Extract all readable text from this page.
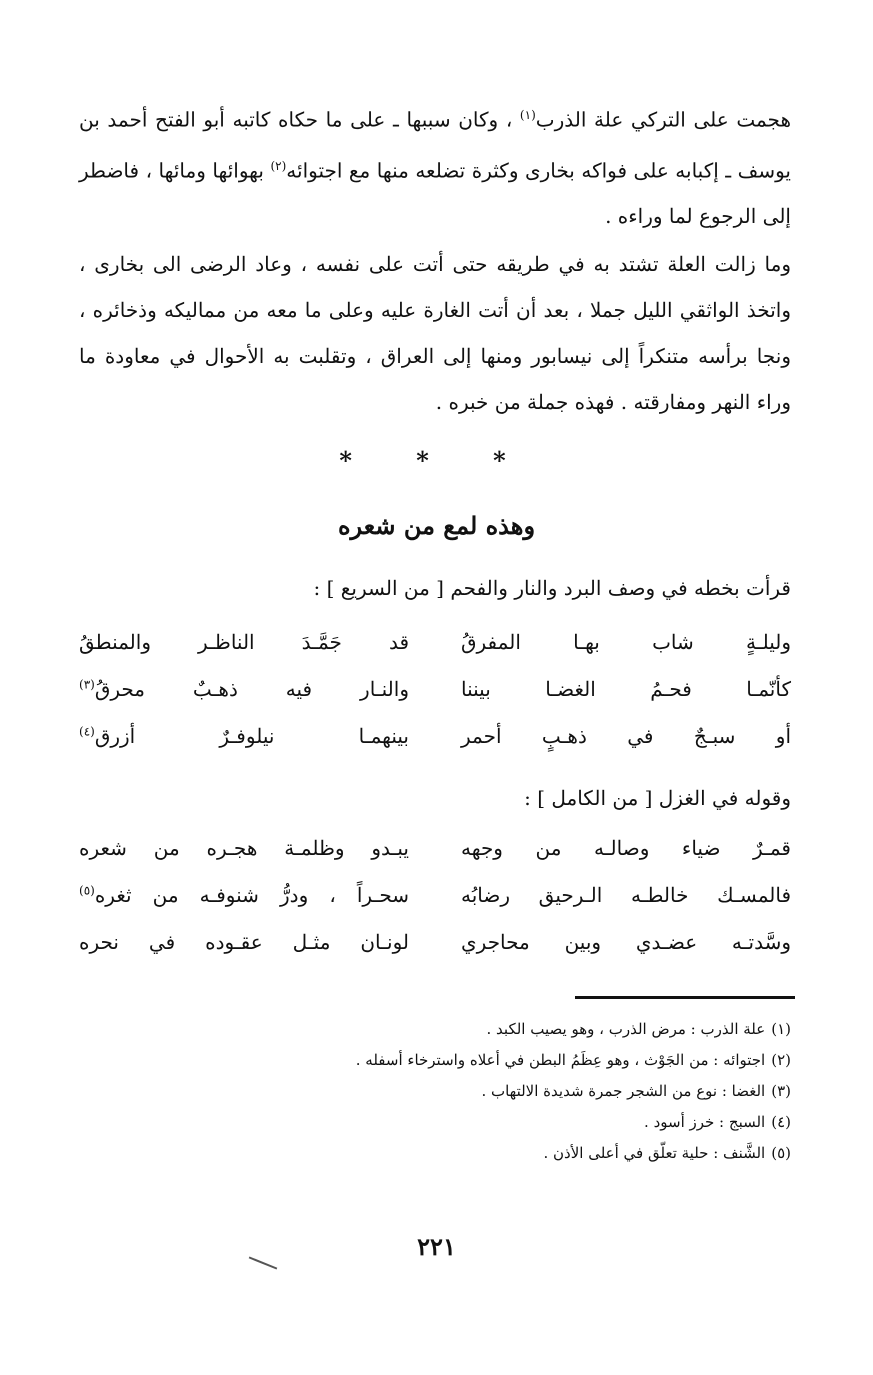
هجمت على التركي علة الذرب$^{(١)}$ ، وكان سببها ـ على ما حكاه كاتبه أبو الفتح أحمد بن يوسف ـ إكبابه على فواكه بخارى وكثرة تضلعه منها مع اجتوائه$^{(٢)}$ بهوائها ومائها ، فاضطر إلى الرجوع لما وراءه .

وما زالت العلة تشتد به في طريقه حتى أتت على نفسه ، وعاد الرضى الى بخارى ، واتخذ الواثقي الليل جملا ، بعد أن أتت الغارة عليه وعلى ما معه من مماليكه وذخائره ، ونجا برأسه متنكراً إلى نيسابور ومنها إلى العراق ، وتقلبت به الأحوال في معاودة ما وراء النهر ومفارقته . فهذه جملة من خبره .

* * *
وهذه لمع من شعره

قرأت بخطه في وصف البرد والنار والفحم [ من السريع ] :

وليلـةٍ شاب بهـا المفرقُ
قد جَمَّـدَ الناظـر والمنطقُ
كأنّمـا فحـمُ الغضـا بيننا
والنـار فيه ذهـبٌ محرقُ$^{(٣)}$
أو سبـجٌ في ذهـبٍ أحمر
بينهمـا نيلوفـرٌ أزرق$^{(٤)}$

وقوله في الغزل [ من الكامل ] :

قمـرٌ ضياء وصالـه من وجهه
يبـدو وظلمـة هجـره من شعره
فالمسـك خالطـه الـرحيق رضابُه
سحـراً ، ودرُّ شنوفـه من ثغره$^{(٥)}$
وسَّدتـه عضـدي وبين محاجري
لونـان مثـل عقـوده في نحره
(١)علة الذرب : مرض الذرب ، وهو يصيب الكبد .
(٢)اجتوائه : من الجَوْث ، وهو عِظَمُ البطن في أعلاه واسترخاء أسفله .
(٣)الغضا : نوع من الشجر جمرة شديدة الالتهاب .
(٤)السبج : خرز أسود .
(٥)الشَّنف : حلية تعلّق في أعلى الأذن .
٢٢١
